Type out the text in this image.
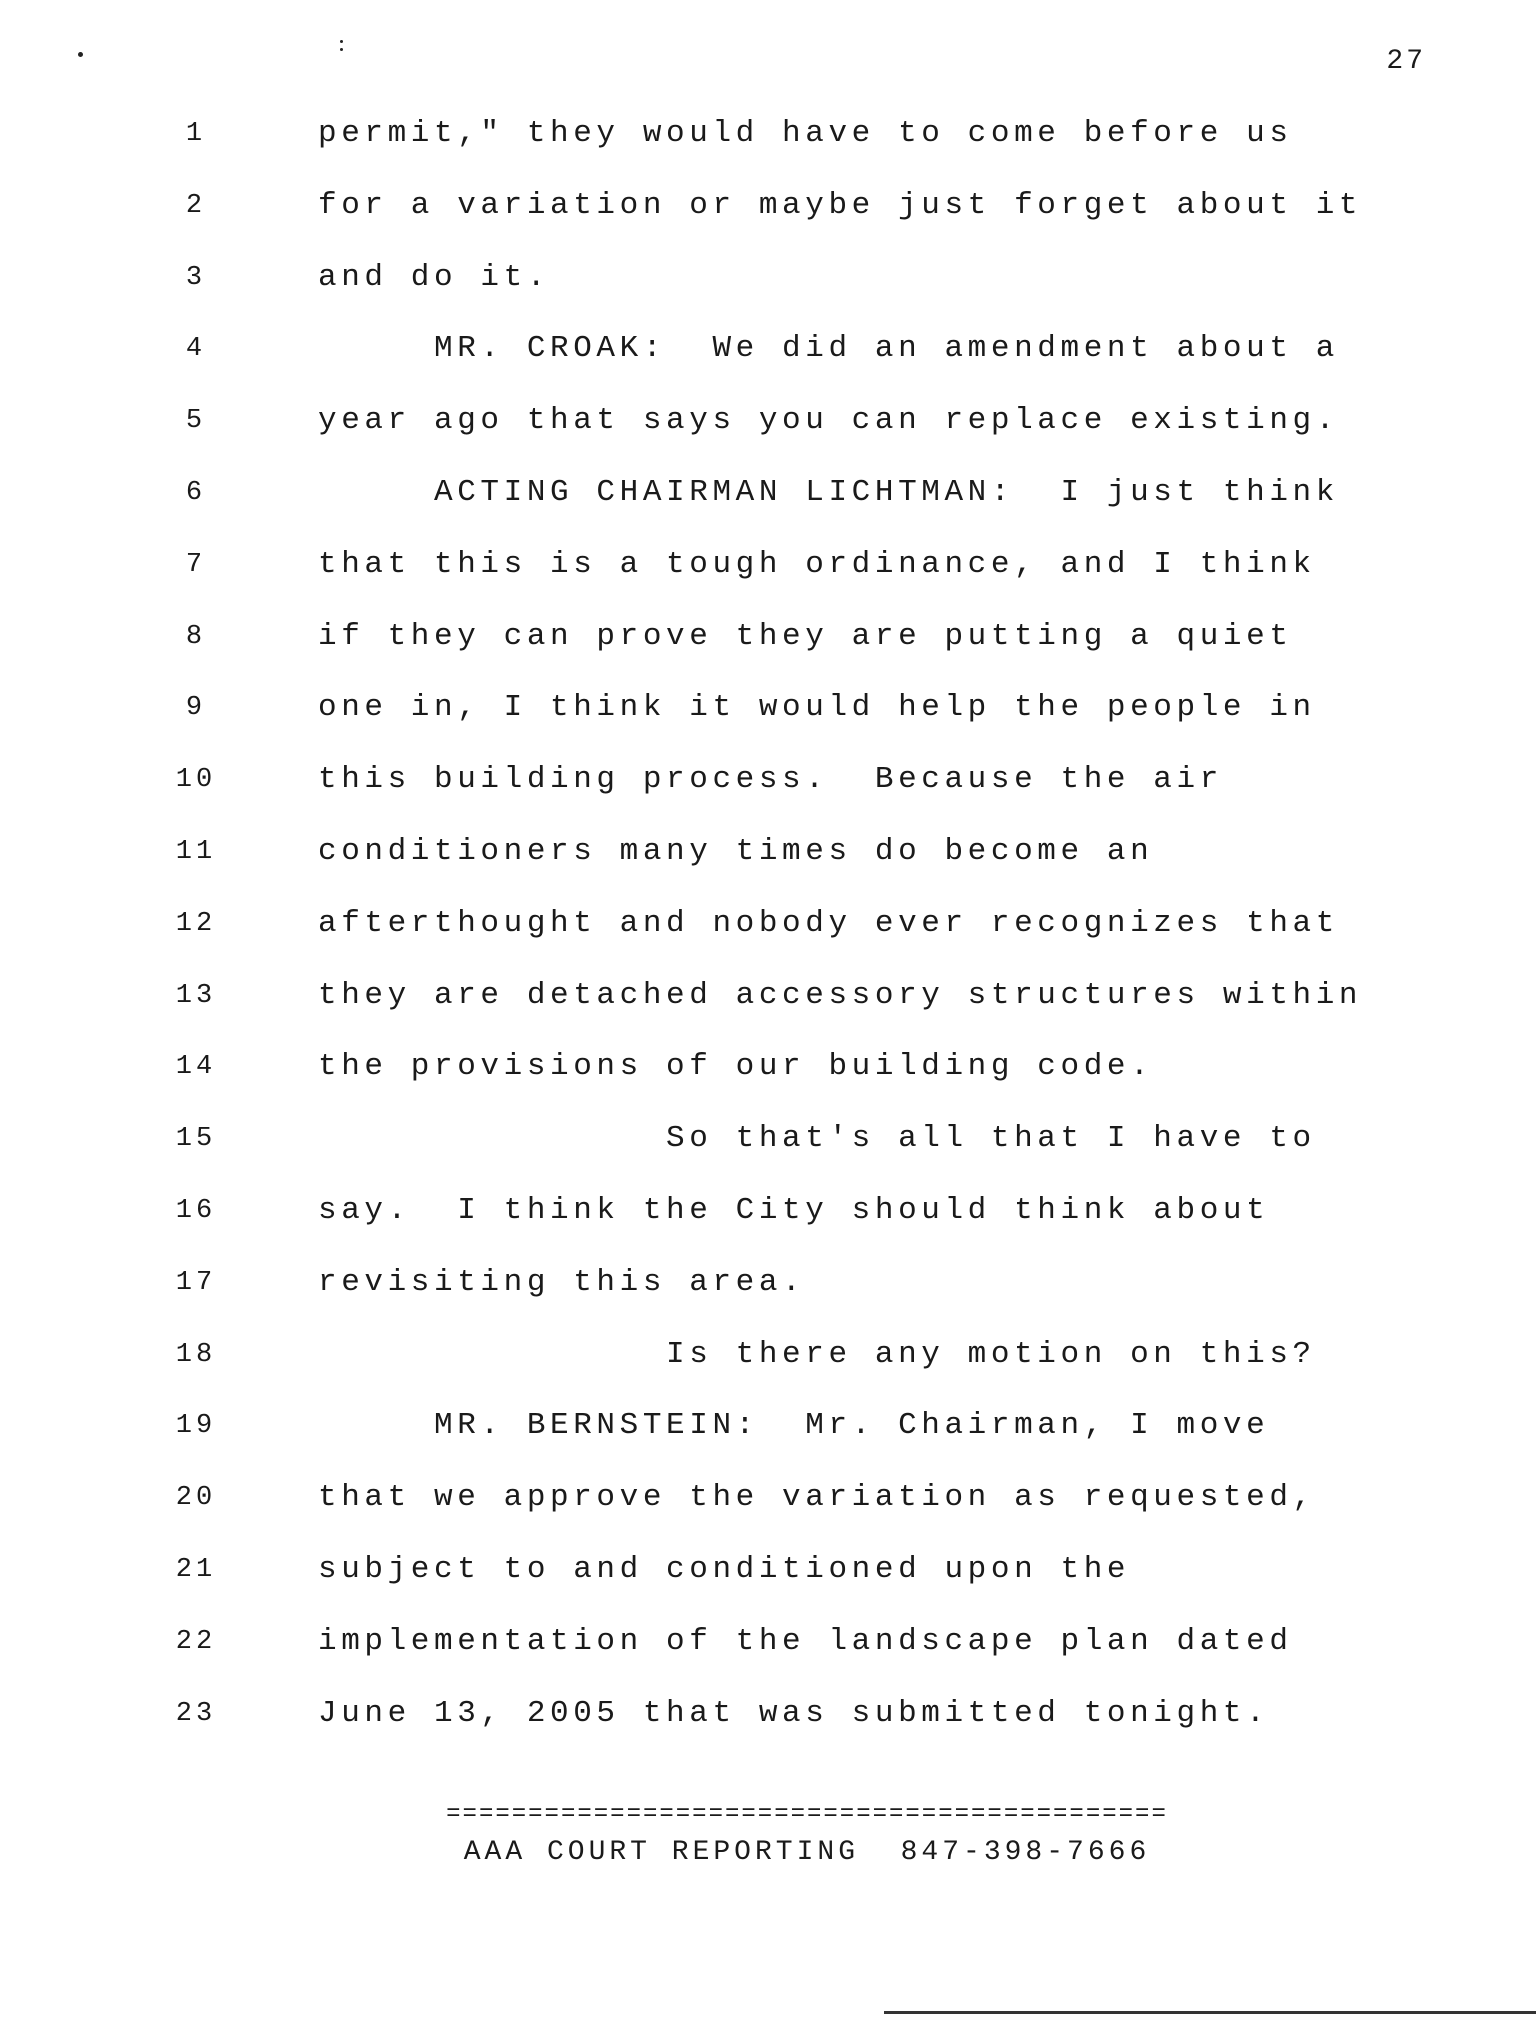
27
1	permit," they would have to come before us
2	for a variation or maybe just forget about it
3	and do it.
4	MR. CROAK:  We did an amendment about a
5	year ago that says you can replace existing.
6	ACTING CHAIRMAN LICHTMAN:  I just think
7	that this is a tough ordinance, and I think
8	if they can prove they are putting a quiet
9	one in, I think it would help the people in
10	this building process.  Because the air
11	conditioners many times do become an
12	afterthought and nobody ever recognizes that
13	they are detached accessory structures within
14	the provisions of our building code.
15	So that's all that I have to
16	say.  I think the City should think about
17	revisiting this area.
18	Is there any motion on this?
19	MR. BERNSTEIN:  Mr. Chairman, I move
20	that we approve the variation as requested,
21	subject to and conditioned upon the
22	implementation of the landscape plan dated
23	June 13, 2005 that was submitted tonight.
============================================
AAA COURT REPORTING  847-398-7666
